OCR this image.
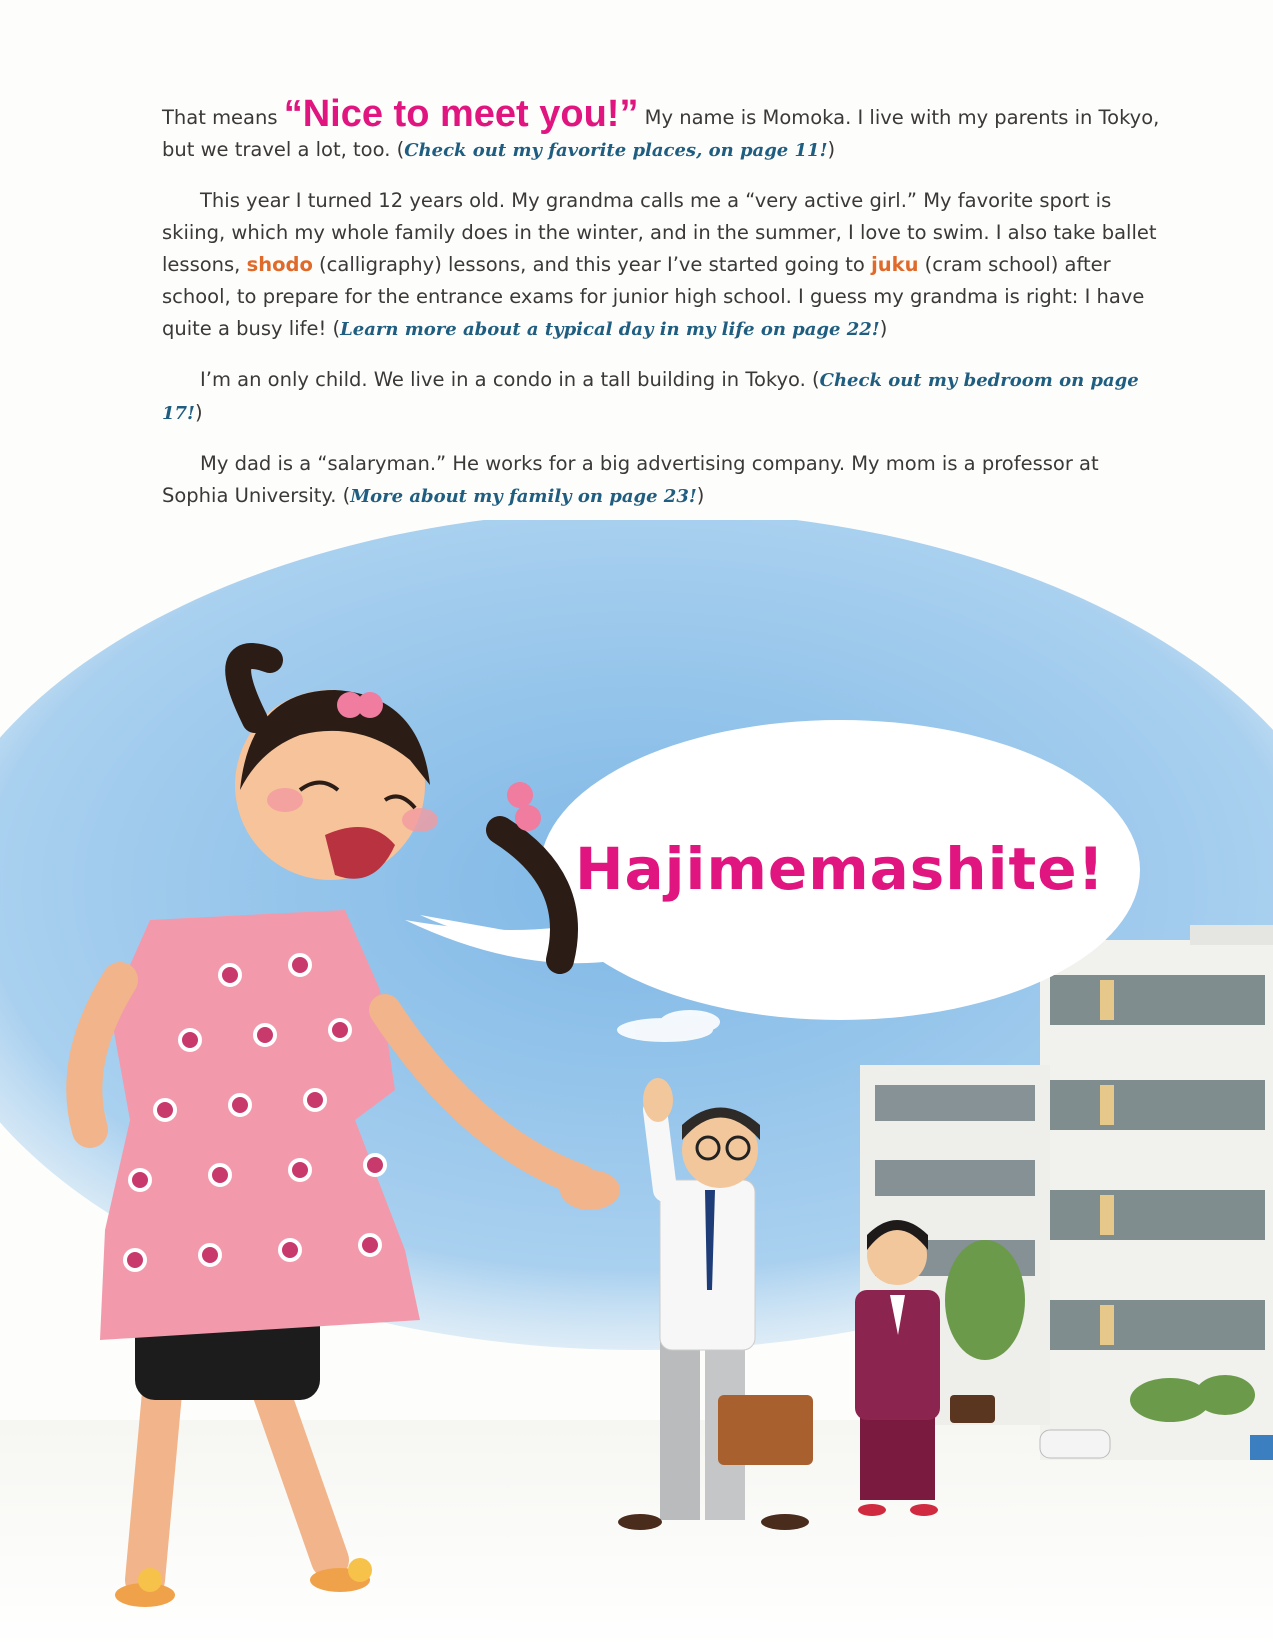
That means “Nice to meet you!” My name is Momoka. I live with my parents in Tokyo, but we travel a lot, too. (Check out my favorite places, on page 11!)

This year I turned 12 years old. My grandma calls me a “very active girl.” My favorite sport is skiing, which my whole family does in the winter, and in the summer, I love to swim. I also take ballet lessons, shodo (calligraphy) lessons, and this year I’ve started going to juku (cram school) after school, to prepare for the entrance exams for junior high school. I guess my grandma is right: I have quite a busy life! (Learn more about a typical day in my life on page 22!)

I’m an only child. We live in a condo in a tall building in Tokyo. (Check out my bedroom on page 17!)

My dad is a “salaryman.” He works for a big advertising company. My mom is a professor at Sophia University. (More about my family on page 23!)

Hajimemashite!
